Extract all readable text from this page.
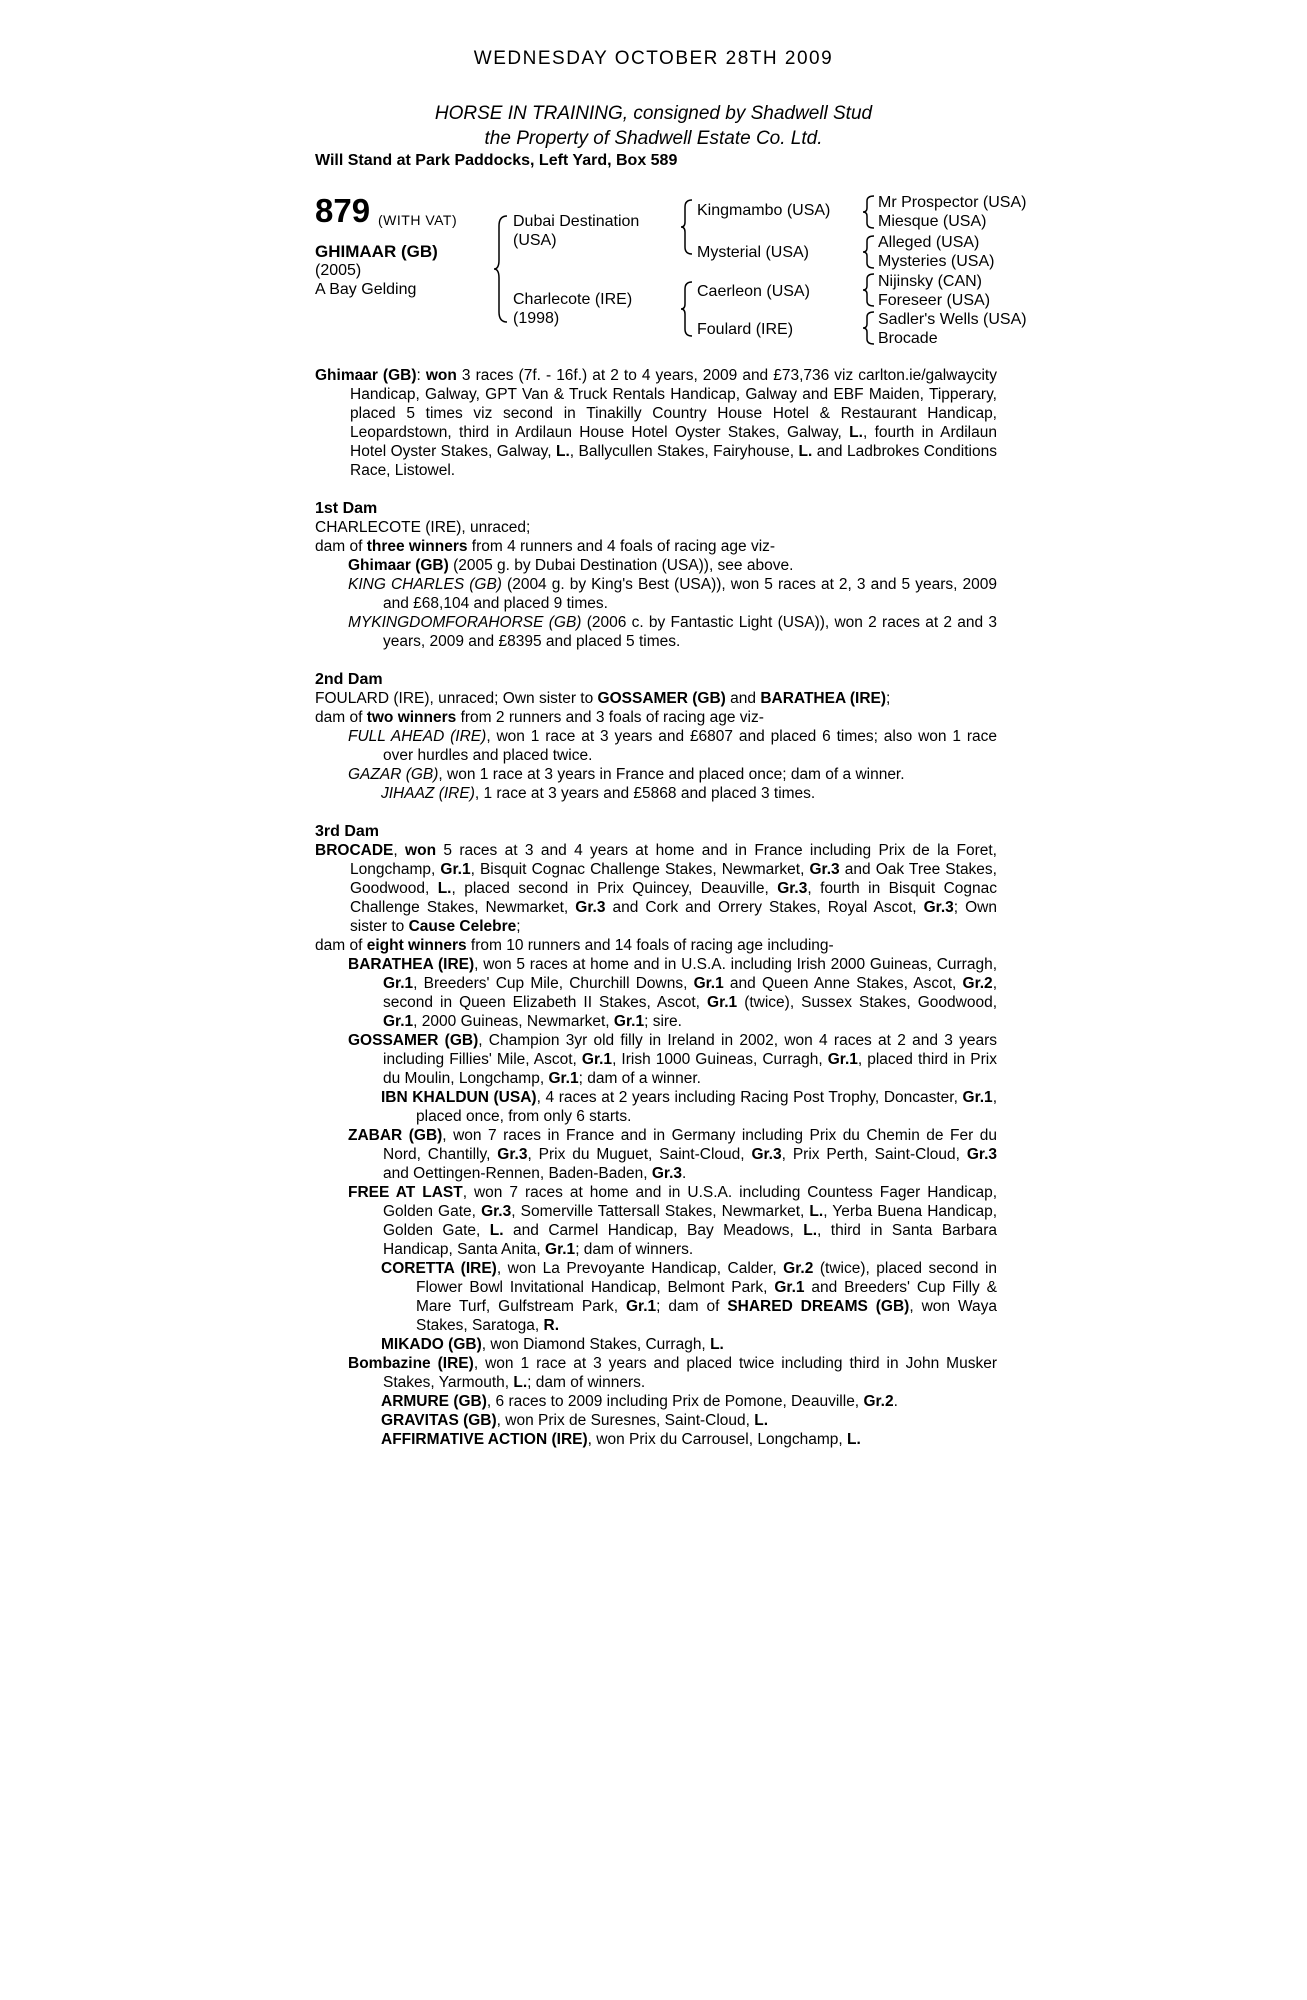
WEDNESDAY OCTOBER 28TH 2009
HORSE IN TRAINING, consigned by Shadwell Stud
the Property of Shadwell Estate Co. Ltd.
Will Stand at Park Paddocks, Left Yard, Box 589
879 (WITH VAT)
GHIMAAR (GB)
(2005)
A Bay Gelding
Dubai Destination
(USA)
Charlecote (IRE)
(1998)
Kingmambo (USA)
Mysterial (USA)
Caerleon (USA)
Foulard (IRE)
Mr Prospector (USA)
Miesque (USA)
Alleged (USA)
Mysteries (USA)
Nijinsky (CAN)
Foreseer (USA)
Sadler's Wells (USA)
Brocade

Ghimaar (GB): won 3 races (7f. - 16f.) at 2 to 4 years, 2009 and £73,736 viz carlton.ie/galwaycity Handicap, Galway, GPT Van & Truck Rentals Handicap, Galway and EBF Maiden, Tipperary, placed 5 times viz second in Tinakilly Country House Hotel & Restaurant Handicap, Leopardstown, third in Ardilaun House Hotel Oyster Stakes, Galway, L., fourth in Ardilaun Hotel Oyster Stakes, Galway, L., Ballycullen Stakes, Fairyhouse, L. and Ladbrokes Conditions Race, Listowel.

1st Dam

CHARLECOTE (IRE), unraced;

dam of three winners from 4 runners and 4 foals of racing age viz-

Ghimaar (GB) (2005 g. by Dubai Destination (USA)), see above.

KING CHARLES (GB) (2004 g. by King's Best (USA)), won 5 races at 2, 3 and 5 years, 2009 and £68,104 and placed 9 times.

MYKINGDOMFORAHORSE (GB) (2006 c. by Fantastic Light (USA)), won 2 races at 2 and 3 years, 2009 and £8395 and placed 5 times.

2nd Dam

FOULARD (IRE), unraced; Own sister to GOSSAMER (GB) and BARATHEA (IRE);

dam of two winners from 2 runners and 3 foals of racing age viz-

FULL AHEAD (IRE), won 1 race at 3 years and £6807 and placed 6 times; also won 1 race over hurdles and placed twice.

GAZAR (GB), won 1 race at 3 years in France and placed once; dam of a winner.

JIHAAZ (IRE), 1 race at 3 years and £5868 and placed 3 times.

3rd Dam

BROCADE, won 5 races at 3 and 4 years at home and in France including Prix de la Foret, Longchamp, Gr.1, Bisquit Cognac Challenge Stakes, Newmarket, Gr.3 and Oak Tree Stakes, Goodwood, L., placed second in Prix Quincey, Deauville, Gr.3, fourth in Bisquit Cognac Challenge Stakes, Newmarket, Gr.3 and Cork and Orrery Stakes, Royal Ascot, Gr.3; Own sister to Cause Celebre;

dam of eight winners from 10 runners and 14 foals of racing age including-

BARATHEA (IRE), won 5 races at home and in U.S.A. including Irish 2000 Guineas, Curragh, Gr.1, Breeders' Cup Mile, Churchill Downs, Gr.1 and Queen Anne Stakes, Ascot, Gr.2, second in Queen Elizabeth II Stakes, Ascot, Gr.1 (twice), Sussex Stakes, Goodwood, Gr.1, 2000 Guineas, Newmarket, Gr.1; sire.

GOSSAMER (GB), Champion 3yr old filly in Ireland in 2002, won 4 races at 2 and 3 years including Fillies' Mile, Ascot, Gr.1, Irish 1000 Guineas, Curragh, Gr.1, placed third in Prix du Moulin, Longchamp, Gr.1; dam of a winner.

IBN KHALDUN (USA), 4 races at 2 years including Racing Post Trophy, Doncaster, Gr.1, placed once, from only 6 starts.

ZABAR (GB), won 7 races in France and in Germany including Prix du Chemin de Fer du Nord, Chantilly, Gr.3, Prix du Muguet, Saint-Cloud, Gr.3, Prix Perth, Saint-Cloud, Gr.3 and Oettingen-Rennen, Baden-Baden, Gr.3.

FREE AT LAST, won 7 races at home and in U.S.A. including Countess Fager Handicap, Golden Gate, Gr.3, Somerville Tattersall Stakes, Newmarket, L., Yerba Buena Handicap, Golden Gate, L. and Carmel Handicap, Bay Meadows, L., third in Santa Barbara Handicap, Santa Anita, Gr.1; dam of winners.

CORETTA (IRE), won La Prevoyante Handicap, Calder, Gr.2 (twice), placed second in Flower Bowl Invitational Handicap, Belmont Park, Gr.1 and Breeders' Cup Filly & Mare Turf, Gulfstream Park, Gr.1; dam of SHARED DREAMS (GB), won Waya Stakes, Saratoga, R.

MIKADO (GB), won Diamond Stakes, Curragh, L.

Bombazine (IRE), won 1 race at 3 years and placed twice including third in John Musker Stakes, Yarmouth, L.; dam of winners.

ARMURE (GB), 6 races to 2009 including Prix de Pomone, Deauville, Gr.2.

GRAVITAS (GB), won Prix de Suresnes, Saint-Cloud, L.

AFFIRMATIVE ACTION (IRE), won Prix du Carrousel, Longchamp, L.
